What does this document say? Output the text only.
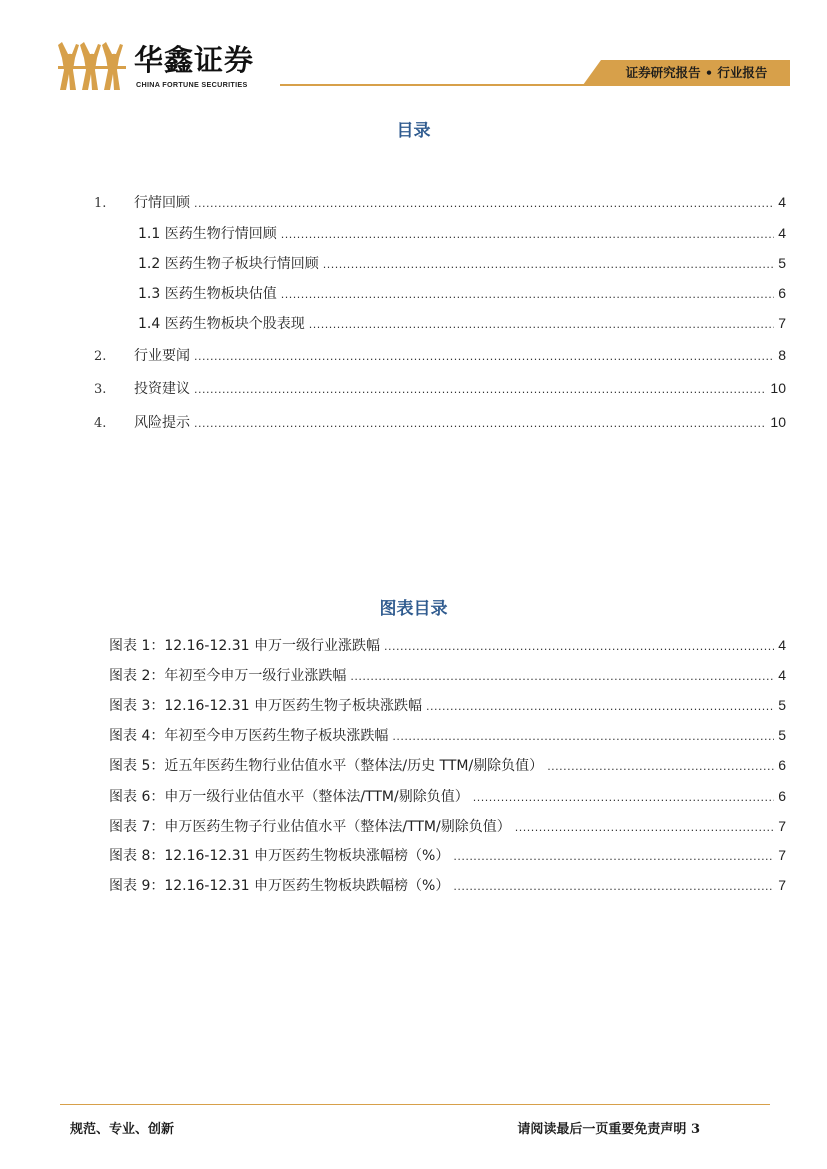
华鑫证券
CHINA FORTUNE SECURITIES
证券研究报告 • 行业报告
目录
1.	行情回顾 .....	4
1.1 医药生物行情回顾 .....	4
1.2 医药生物子板块行情回顾 .....	5
1.3 医药生物板块估值 .....	6
1.4 医药生物板块个股表现 .....	7
2.	行业要闻 .....	8
3.	投资建议 .....	10
4.	风险提示 .....	10
图表目录
图表 1：12.16-12.31 申万一级行业涨跌幅 .....	4
图表 2：年初至今申万一级行业涨跌幅 .....	4
图表 3：12.16-12.31 申万医药生物子板块涨跌幅 .....	5
图表 4：年初至今申万医药生物子板块涨跌幅 .....	5
图表 5：近五年医药生物行业估值水平（整体法/历史 TTM/剔除负值） .....	6
图表 6：申万一级行业估值水平（整体法/TTM/剔除负值） .....	6
图表 7：申万医药生物子行业估值水平（整体法/TTM/剔除负值） .....	7
图表 8：12.16-12.31 申万医药生物板块涨幅榜（%） .....	7
图表 9：12.16-12.31 申万医药生物板块跌幅榜（%） .....	7
规范、专业、创新	请阅读最后一页重要免责声明 3
